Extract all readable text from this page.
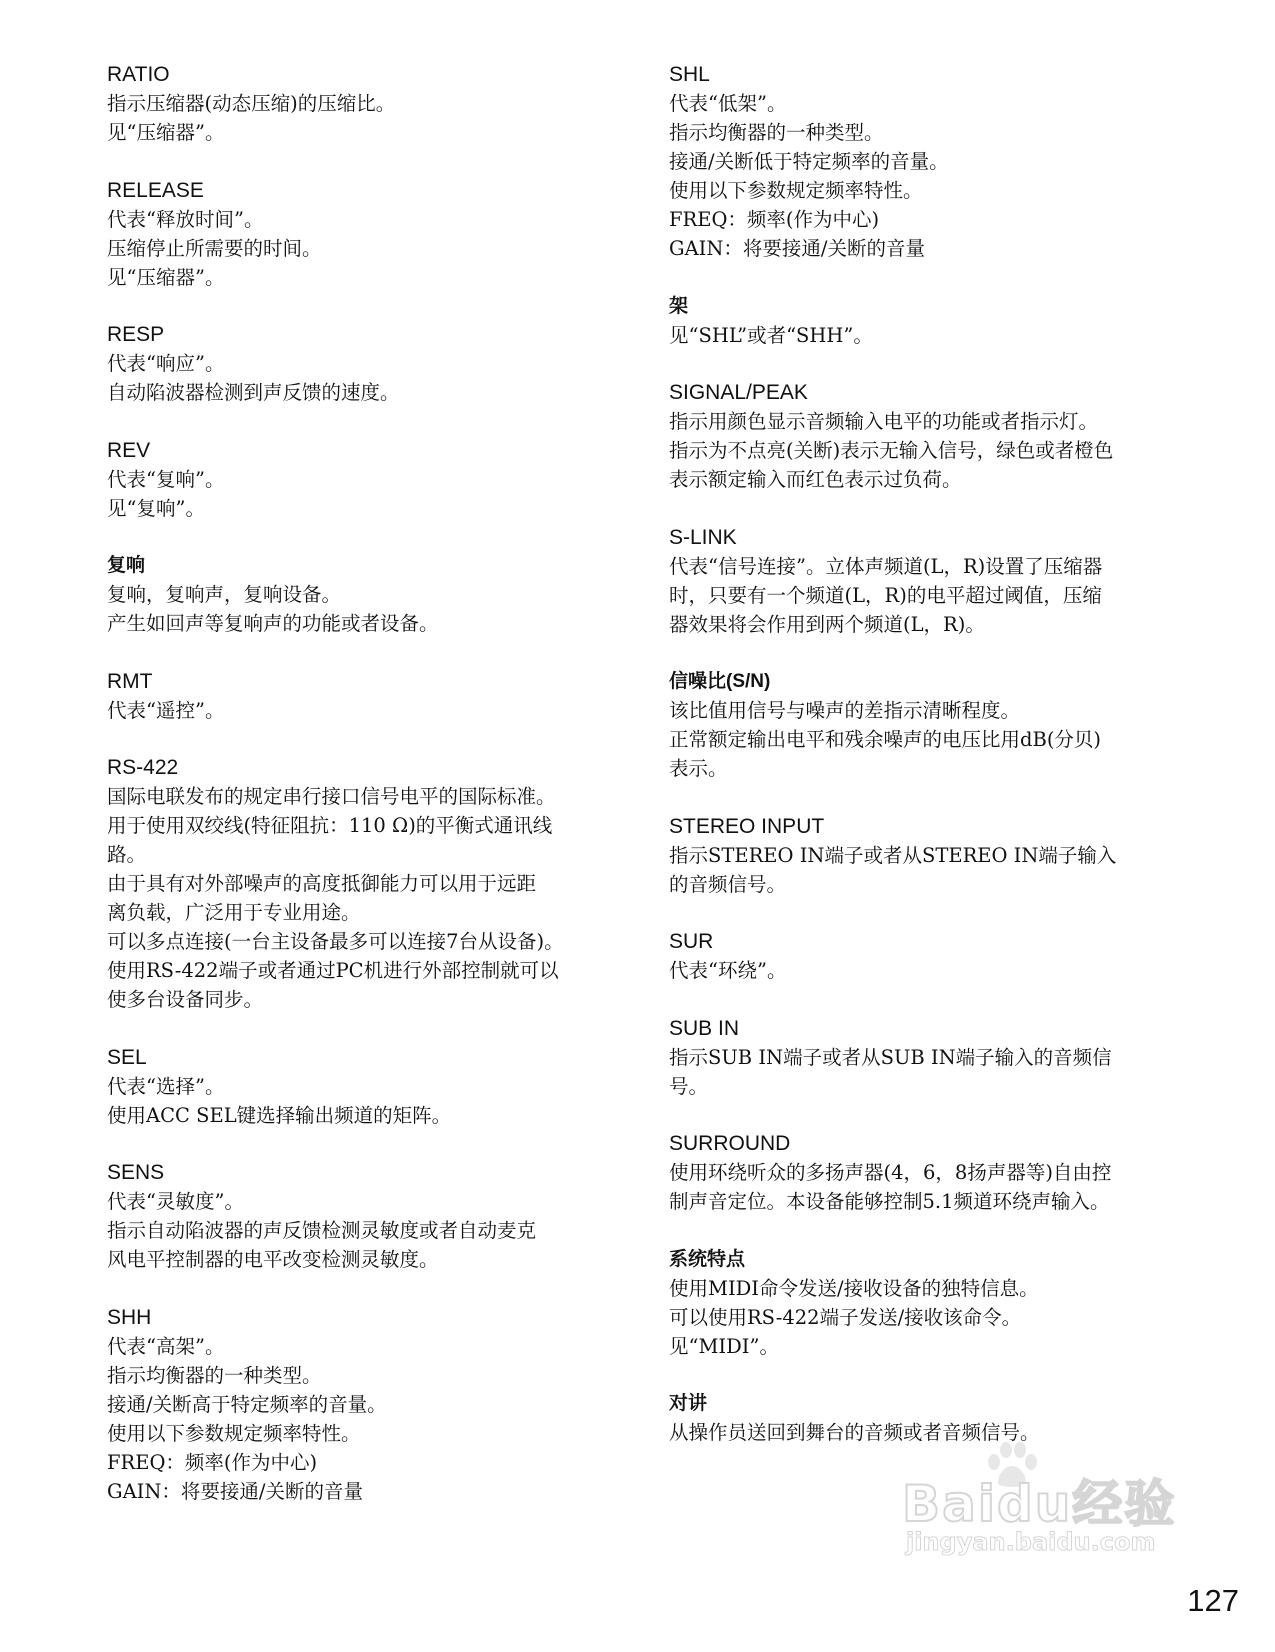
RATIO
指示压缩器(动态压缩)的压缩比。
见“压缩器”。
RELEASE
代表“释放时间”。
压缩停止所需要的时间。
见“压缩器”。
RESP
代表“响应”。
自动陷波器检测到声反馈的速度。
REV
代表“复响”。
见“复响”。
复响
复响，复响声，复响设备。
产生如回声等复响声的功能或者设备。
RMT
代表“遥控”。
RS-422
国际电联发布的规定串行接口信号电平的国际标准。
用于使用双绞线(特征阻抗：110 Ω)的平衡式通讯线
路。
由于具有对外部噪声的高度抵御能力可以用于远距
离负载，广泛用于专业用途。
可以多点连接(一台主设备最多可以连接7台从设备)。
使用RS-422端子或者通过PC机进行外部控制就可以
使多台设备同步。
SEL
代表“选择”。
使用ACC SEL键选择输出频道的矩阵。
SENS
代表“灵敏度”。
指示自动陷波器的声反馈检测灵敏度或者自动麦克
风电平控制器的电平改变检测灵敏度。
SHH
代表“高架”。
指示均衡器的一种类型。
接通/关断高于特定频率的音量。
使用以下参数规定频率特性。
FREQ：频率(作为中心)
GAIN：将要接通/关断的音量
SHL
代表“低架”。
指示均衡器的一种类型。
接通/关断低于特定频率的音量。
使用以下参数规定频率特性。
FREQ：频率(作为中心)
GAIN：将要接通/关断的音量
架
见“SHL”或者“SHH”。
SIGNAL/PEAK
指示用颜色显示音频输入电平的功能或者指示灯。
指示为不点亮(关断)表示无输入信号，绿色或者橙色
表示额定输入而红色表示过负荷。
S-LINK
代表“信号连接”。立体声频道(L，R)设置了压缩器
时，只要有一个频道(L，R)的电平超过阈值，压缩
器效果将会作用到两个频道(L，R)。
信噪比(S/N)
该比值用信号与噪声的差指示清晰程度。
正常额定输出电平和残余噪声的电压比用dB(分贝)
表示。
STEREO INPUT
指示STEREO IN端子或者从STEREO IN端子输入
的音频信号。
SUR
代表“环绕”。
SUB IN
指示SUB IN端子或者从SUB IN端子输入的音频信
号。
SURROUND
使用环绕听众的多扬声器(4，6，8扬声器等)自由控
制声音定位。本设备能够控制5.1频道环绕声输入。
系统特点
使用MIDI命令发送/接收设备的独特信息。
可以使用RS-422端子发送/接收该命令。
见“MIDI”。
对讲
从操作员送回到舞台的音频或者音频信号。
127
Baidu经验
jingyan.baidu.com
